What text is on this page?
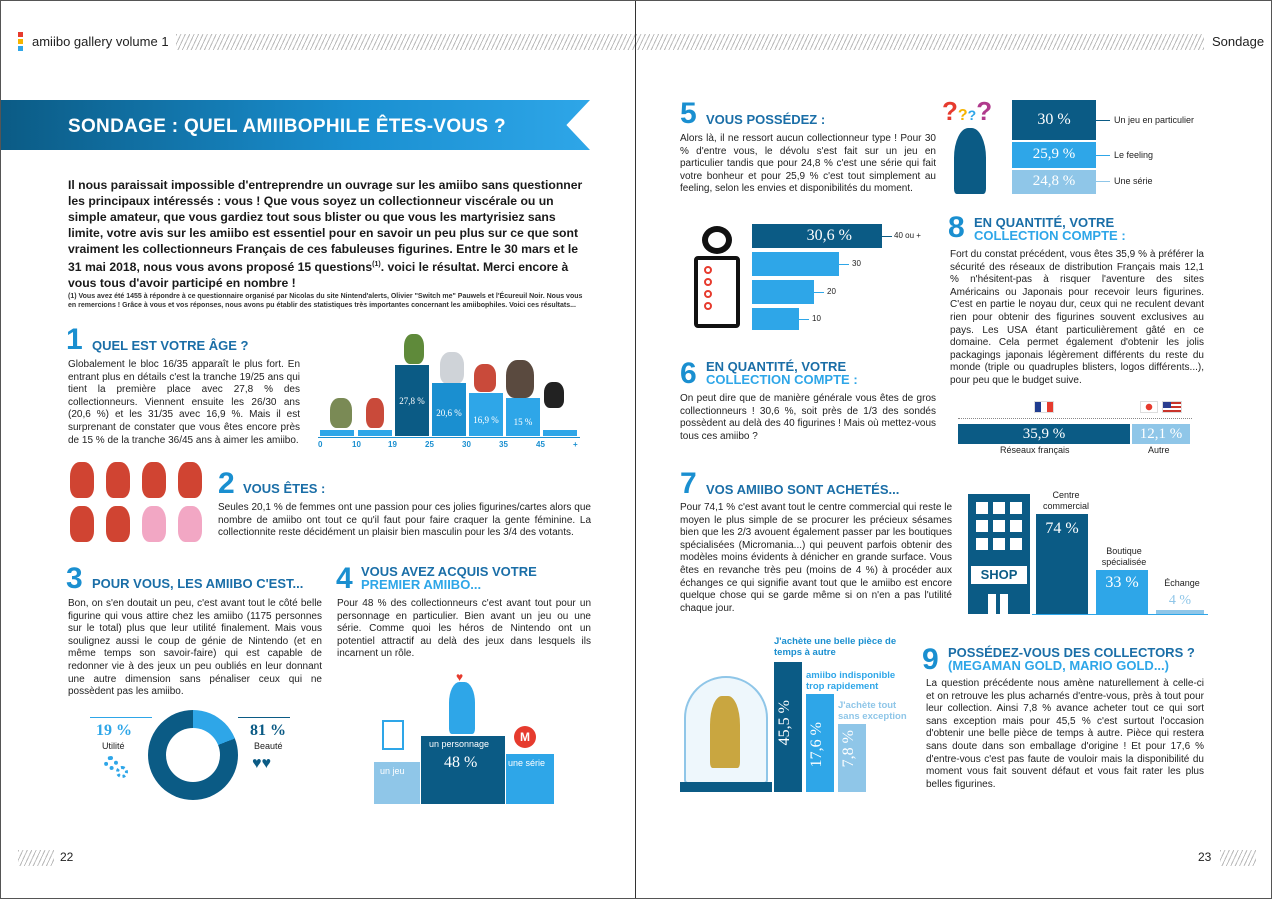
amiibo gallery volume 1
SONDAGE : QUEL AMIIBOPHILE ÊTES-VOUS ?
Il nous paraissait impossible d'entreprendre un ouvrage sur les amiibo sans questionner les principaux intéressés : vous ! Que vous soyez un collectionneur viscérale ou un simple amateur, que vous gardiez tout sous blister ou que vous les martyrisiez sans limite, votre avis sur les amiibo est essentiel pour en savoir un peu plus sur ce que sont vraiment les collectionneurs Français de ces fabuleuses figurines. Entre le 30 mars et le 31 mai 2018, nous vous avons proposé 15 questions$^{(1)}$. voici le résultat. Merci encore à vous tous d'avoir participé en nombre !
(1) Vous avez été 1455 à répondre à ce questionnaire organisé par Nicolas du site Nintend'alerts, Olivier "Switch me" Pauwels et l'Écureuil Noir. Nous vous en remercions ! Grâce à vous et vos réponses, nous avons pu établir des statistiques très importantes concernant les amiibophiles. Voici ces résultats...
1 QUEL EST VOTRE ÂGE ?
Globalement le bloc 16/35 apparaît le plus fort. En entrant plus en détails c'est la tranche 19/25 ans qui tient la première place avec 27,8 % des collectionneurs. Viennent ensuite les 26/30 ans (20,6 %) et les 31/35 avec 16,9 %. Mais il est surprenant de constater que vous êtes encore près de 15 % de la tranche 36/45 ans à aimer les amiibo.
27,8 %
20,6 %
16,9 %	15 %
0	10	19	25	30	35	45	+
2 VOUS ÊTES :
Seules 20,1 % de femmes ont une passion pour ces jolies figurines/cartes alors que nombre de amiibo ont tout ce qu'il faut pour faire craquer la gente féminine. La collectionnite reste décidément un plaisir bien masculin pour les 3/4 des votants.
3 POUR VOUS, LES AMIIBO C'EST...
Bon, on s'en doutait un peu, c'est avant tout le côté belle figurine qui vous attire chez les amiibo (1175 personnes sur le total) plus que leur utilité finalement. Mais vous soulignez aussi le coup de génie de Nintendo (et en même temps son savoir-faire) qui est capable de redonner vie à des jeux un peu oubliés en leur donnant une autre dimension sans pénaliser ceux qui ne possèdent pas les amiibo.
19 %
Utilité
81 %
Beauté
♥♥
4 VOUS AVEZ ACQUIS VOTRE
PREMIER AMIIBO...
Pour 48 % des collectionneurs c'est avant tout pour un personnage en particulier. Bien avant un jeu ou une série. Comme quoi les héros de Nintendo ont un potentiel attractif au delà des jeux dans lesquels ils incarnent un rôle.
♥
M
un jeu
un personnage
48 %	une série
22
Sondage
5 VOUS POSSÉDEZ :
Alors là, il ne ressort aucun collectionneur type ! Pour 30 % d'entre vous, le dévolu s'est fait sur un jeu en particulier tandis que pour 24,8 % c'est une série qui fait votre bonheur et pour 25,9 % c'est tout simplement au feeling, selon les envies et disponibilités du moment.
????	30 %
25,9 %
24,8 %
Un jeu en particulier
Le feeling
Une série
30,6 %	40 ou +
30
20
10
6 EN QUANTITÉ, VOTRE
COLLECTION COMPTE :
On peut dire que de manière générale vous êtes de gros collectionneurs ! 30,6 %, soit près de 1/3 des sondés possèdent au delà des 40 figurines ! Mais où mettez-vous tous ces amiibo ?
8 EN QUANTITÉ, VOTRE
COLLECTION COMPTE :
Fort du constat précédent, vous êtes 35,9 % à préférer la sécurité des réseaux de distribution Français mais 12,1 % n'hésitent-pas à risquer l'aventure des sites Américains ou Japonais pour recevoir leurs figurines. C'est en partie le noyau dur, ceux qui ne reculent devant rien pour obtenir des figurines souvent exclusives au pays. Les USA étant particulièrement gâté en ce domaine. Cela permet également d'obtenir les jolis packagings japonais légèrement différents du reste du monde (triple ou quadruples blisters, logos différents...), pour peu que le budget suive.
35,9 %	12,1 %
Réseaux français	Autre
7 VOS AMIIBO SONT ACHETÉS...
Pour 74,1 % c'est avant tout le centre commercial qui reste le moyen le plus simple de se procurer les précieux sésames bien que les 2/3 avouent également passer par les boutiques spécialisées (Micromania...) qui peuvent parfois obtenir des modèles moins évidents à dénicher en grande surface. Vous êtes en revanche très peu (moins de 4 %) à procéder aux échanges ce qui signifie avant tout que le amiibo est encore quelque chose qui se garde même si on n'en a pas l'utilité chaque jour.
SHOP
Centre commercial
74 %
Boutique spécialisée
33 %	Échange
4 %
J'achète une belle pièce de temps à autre
45,5 %
amiibo indisponible trop rapidement
17,6 %
J'achète tout sans exception
7,8 %
9 POSSÉDEZ-VOUS DES COLLECTORS ?
(MEGAMAN GOLD, MARIO GOLD...)
La question précédente nous amène naturellement à celle-ci et on retrouve les plus acharnés d'entre-vous, près à tout pour leur collection. Ainsi 7,8 % avance acheter tout ce qui sort sans exception mais pour 45,5 % c'est surtout l'occasion d'obtenir une belle pièce de temps à autre. Pièce qui restera sans doute dans son emballage d'origine ! Et pour 17,6 % d'entre-vous c'est pas faute de vouloir mais la disponibilité du moment vous fait souvent défaut et vous fait rater les plus belles figurines.
23
